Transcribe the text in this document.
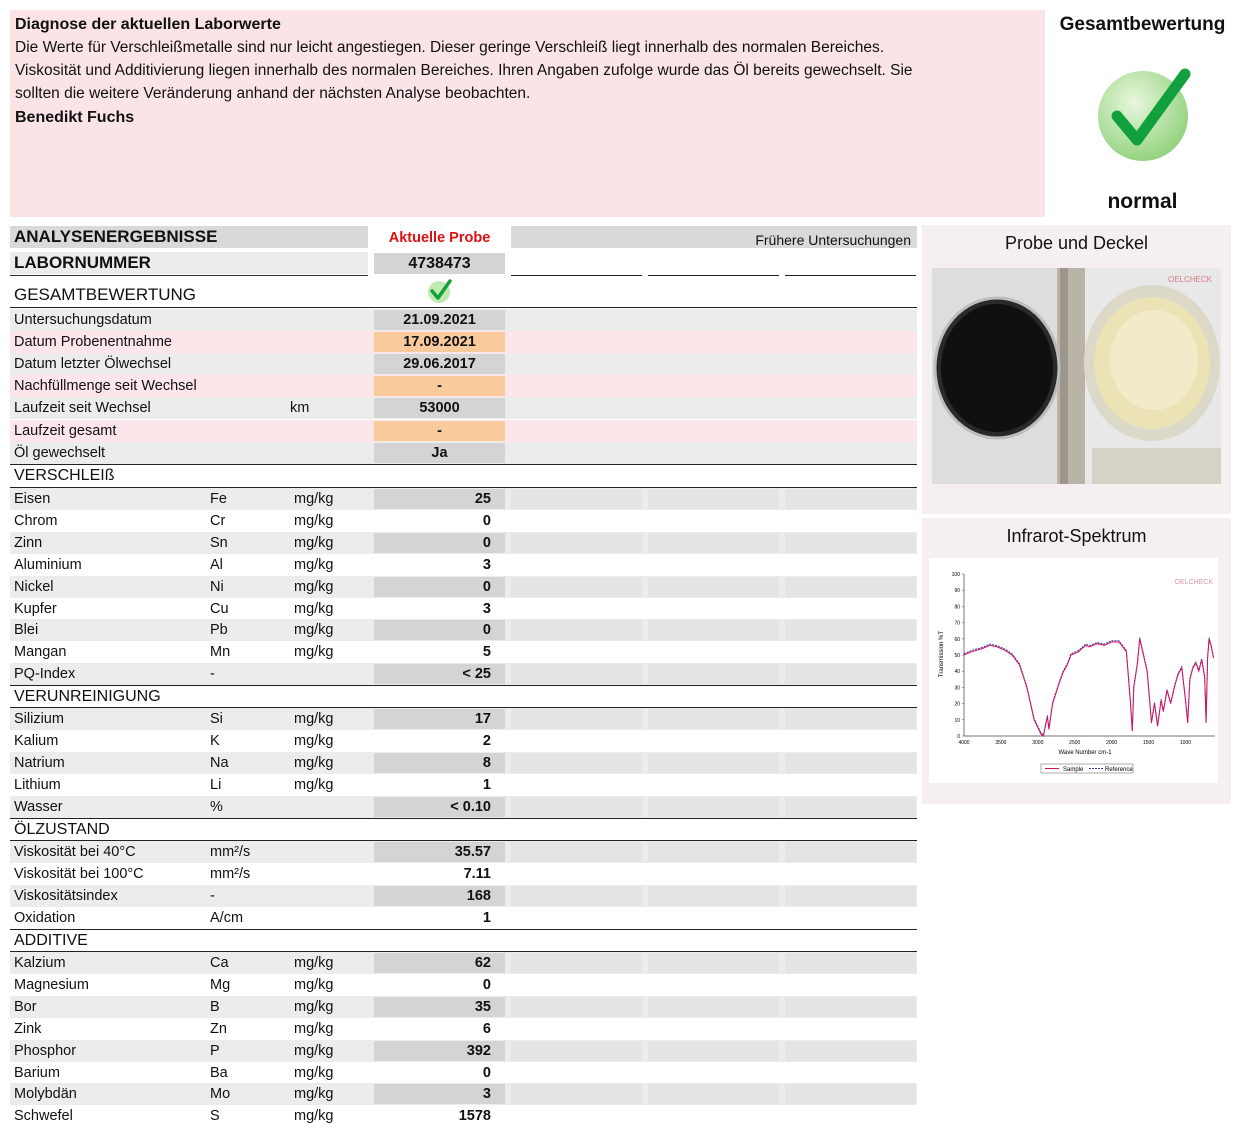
Diagnose der aktuellen Laborwerte
Die Werte für Verschleißmetalle sind nur leicht angestiegen. Dieser geringe Verschleiß liegt innerhalb des normalen Bereiches.
Viskosität und Additivierung liegen innerhalb des normalen Bereiches. Ihren Angaben zufolge wurde das Öl bereits gewechselt. Sie
sollten die weitere Veränderung anhand der nächsten Analyse beobachten.
Benedikt Fuchs
Gesamtbewertung
normal
ANALYSENERGEBNISSE	Aktuelle Probe	Frühere Untersuchungen
LABORNUMMER	4738473
GESAMTBEWERTUNG
Untersuchungsdatum	21.09.2021
Datum Probenentnahme	17.09.2021
Datum letzter Ölwechsel	29.06.2017
Nachfüllmenge seit Wechsel	-
Laufzeit seit Wechsel	km	53000
Laufzeit gesamt	-
Öl gewechselt	Ja
VERSCHLEIß
Eisen	Fe	mg/kg	25
Chrom	Cr	mg/kg	0
Zinn	Sn	mg/kg	0
Aluminium	Al	mg/kg	3
Nickel	Ni	mg/kg	0
Kupfer	Cu	mg/kg	3
Blei	Pb	mg/kg	0
Mangan	Mn	mg/kg	5
PQ-Index	-	< 25
VERUNREINIGUNG
Silizium	Si	mg/kg	17
Kalium	K	mg/kg	2
Natrium	Na	mg/kg	8
Lithium	Li	mg/kg	1
Wasser	%	< 0.10
ÖLZUSTAND
Viskosität bei 40°C	mm²/s	35.57
Viskosität bei 100°C	mm²/s	7.11
Viskositätsindex	-	168
Oxidation	A/cm	1
ADDITIVE
Kalzium	Ca	mg/kg	62
Magnesium	Mg	mg/kg	0
Bor	B	mg/kg	35
Zink	Zn	mg/kg	6
Phosphor	P	mg/kg	392
Barium	Ba	mg/kg	0
Molybdän	Mo	mg/kg	3
Schwefel	S	mg/kg	1578
Probe und Deckel
OELCHECK
Infrarot-Spektrum
OELCHECK
100
90
80
70
60
50
40
30
20
10
0
4000	3500	3000	2500	2000	1500	1000
Transmission %T
Wave Number cm-1
Sample	Reference
